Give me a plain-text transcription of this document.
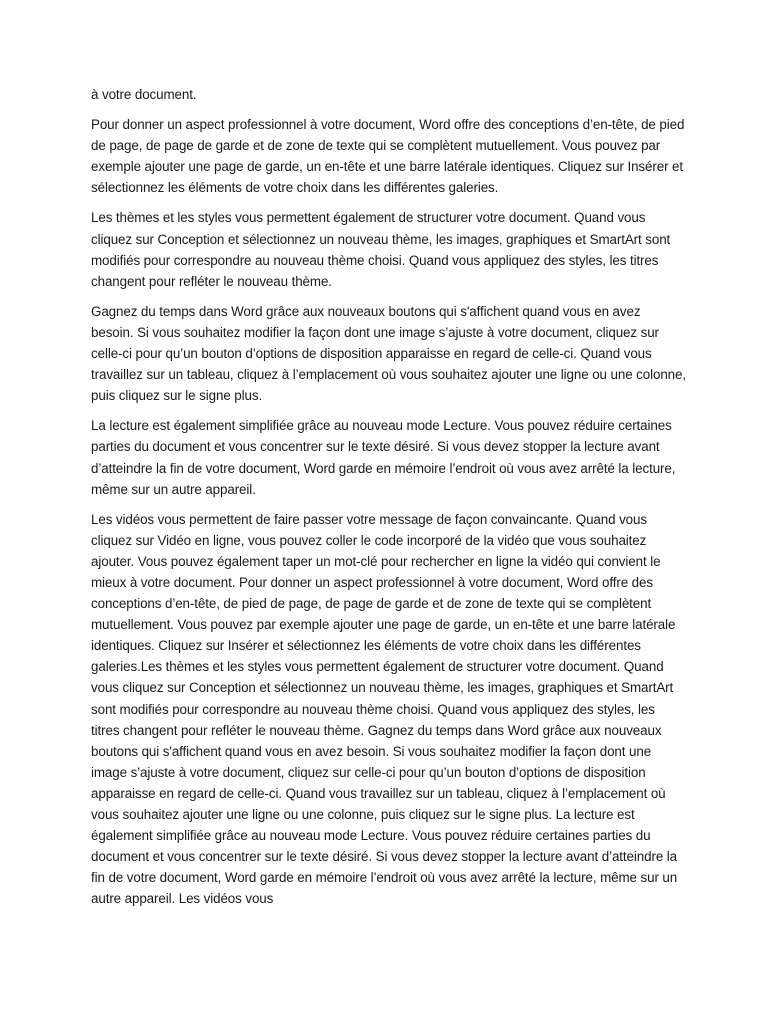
à votre document.

Pour donner un aspect professionnel à votre document, Word offre des conceptions d’en-tête, de pied de page, de page de garde et de zone de texte qui se complètent mutuellement. Vous pouvez par exemple ajouter une page de garde, un en-tête et une barre latérale identiques. Cliquez sur Insérer et sélectionnez les éléments de votre choix dans les différentes galeries.

Les thèmes et les styles vous permettent également de structurer votre document. Quand vous cliquez sur Conception et sélectionnez un nouveau thème, les images, graphiques et SmartArt sont modifiés pour correspondre au nouveau thème choisi. Quand vous appliquez des styles, les titres changent pour refléter le nouveau thème.

Gagnez du temps dans Word grâce aux nouveaux boutons qui s'affichent quand vous en avez besoin. Si vous souhaitez modifier la façon dont une image s’ajuste à votre document, cliquez sur celle-ci pour qu’un bouton d’options de disposition apparaisse en regard de celle-ci. Quand vous travaillez sur un tableau, cliquez à l’emplacement où vous souhaitez ajouter une ligne ou une colonne, puis cliquez sur le signe plus.

La lecture est également simplifiée grâce au nouveau mode Lecture. Vous pouvez réduire certaines parties du document et vous concentrer sur le texte désiré. Si vous devez stopper la lecture avant d’atteindre la fin de votre document, Word garde en mémoire l’endroit où vous avez arrêté la lecture, même sur un autre appareil.

Les vidéos vous permettent de faire passer votre message de façon convaincante. Quand vous cliquez sur Vidéo en ligne, vous pouvez coller le code incorporé de la vidéo que vous souhaitez ajouter. Vous pouvez également taper un mot-clé pour rechercher en ligne la vidéo qui convient le mieux à votre document. Pour donner un aspect professionnel à votre document, Word offre des conceptions d’en-tête, de pied de page, de page de garde et de zone de texte qui se complètent mutuellement. Vous pouvez par exemple ajouter une page de garde, un en-tête et une barre latérale identiques. Cliquez sur Insérer et sélectionnez les éléments de votre choix dans les différentes galeries.Les thèmes et les styles vous permettent également de structurer votre document. Quand vous cliquez sur Conception et sélectionnez un nouveau thème, les images, graphiques et SmartArt sont modifiés pour correspondre au nouveau thème choisi. Quand vous appliquez des styles, les titres changent pour refléter le nouveau thème. Gagnez du temps dans Word grâce aux nouveaux boutons qui s'affichent quand vous en avez besoin. Si vous souhaitez modifier la façon dont une image s’ajuste à votre document, cliquez sur celle-ci pour qu’un bouton d’options de disposition apparaisse en regard de celle-ci. Quand vous travaillez sur un tableau, cliquez à l’emplacement où vous souhaitez ajouter une ligne ou une colonne, puis cliquez sur le signe plus. La lecture est également simplifiée grâce au nouveau mode Lecture. Vous pouvez réduire certaines parties du document et vous concentrer sur le texte désiré. Si vous devez stopper la lecture avant d’atteindre la fin de votre document, Word garde en mémoire l’endroit où vous avez arrêté la lecture, même sur un autre appareil. Les vidéos vous
